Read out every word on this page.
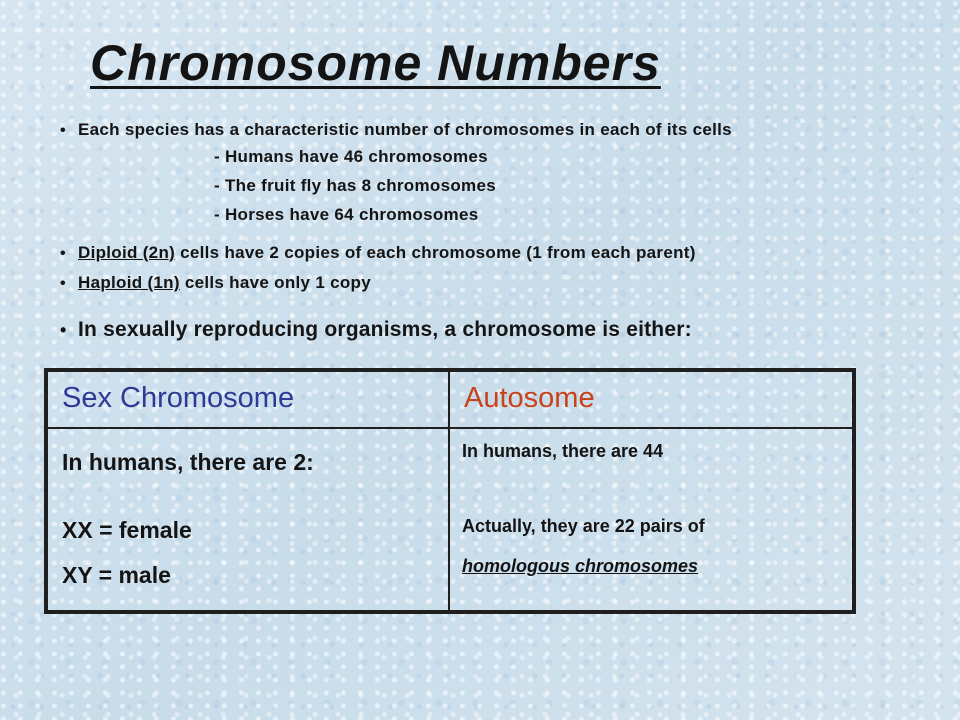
Chromosome Numbers
• Each species has a characteristic number of chromosomes in each of its cells
- Humans have 46 chromosomes
- The fruit fly has 8 chromosomes
- Horses have 64 chromosomes
• Diploid (2n) cells have 2 copies of each chromosome (1 from each parent)
• Haploid (1n) cells have only 1 copy
• In sexually reproducing organisms, a chromosome is either:
Sex Chromosome	Autosome
In humans, there are 2:
XX = female
XY = male
In humans, there are 44
Actually, they are 22 pairs of
homologous chromosomes
